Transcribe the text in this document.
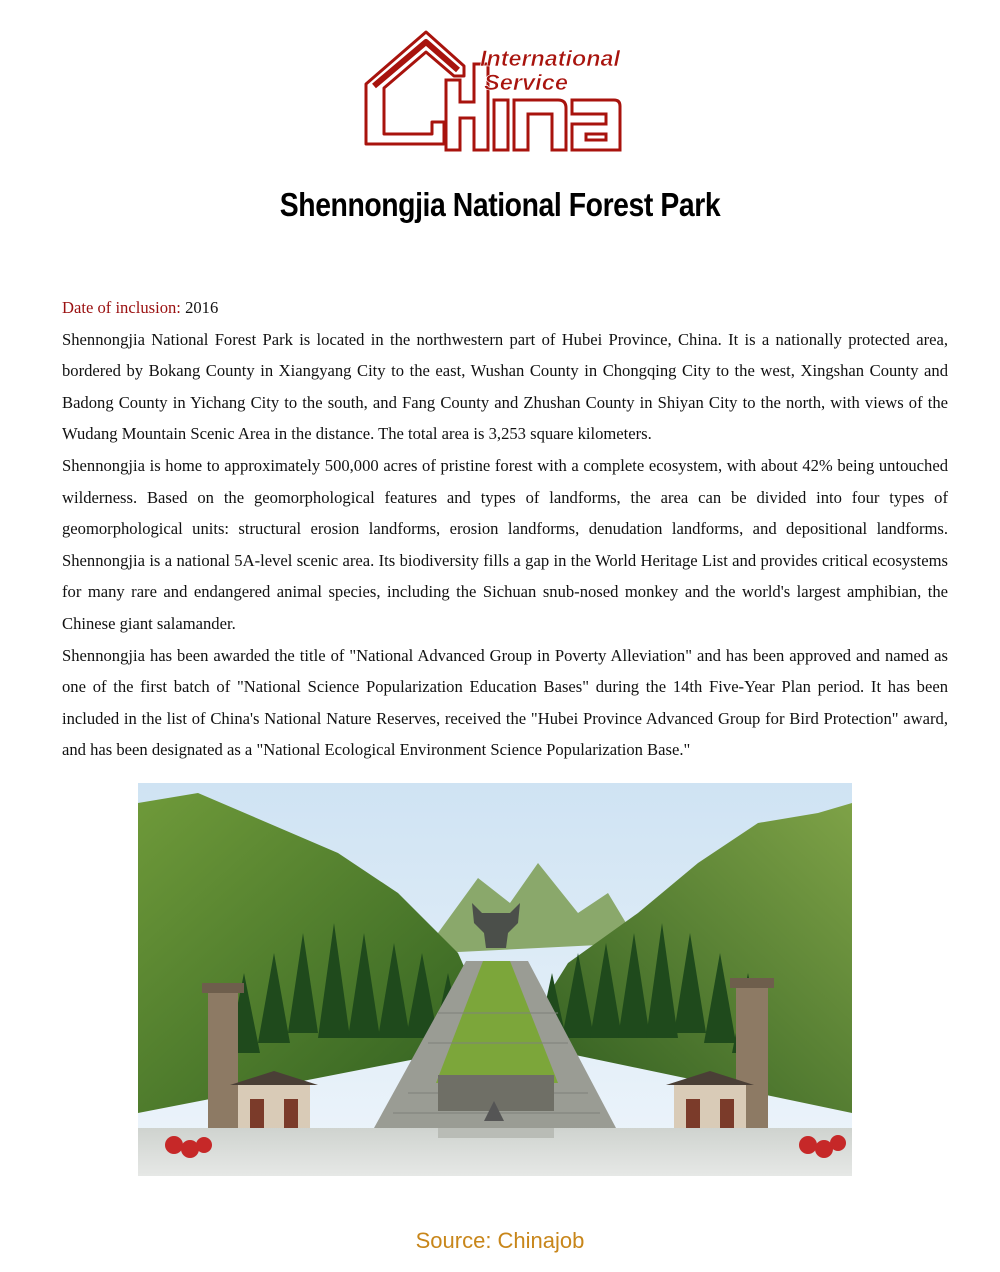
International
Service
Shennongjia National Forest Park

Date of inclusion: 2016

Shennongjia National Forest Park is located in the northwestern part of Hubei Province, China. It is a nationally protected area, bordered by Bokang County in Xiangyang City to the east, Wushan County in Chongqing City to the west, Xingshan County and Badong County in Yichang City to the south, and Fang County and Zhushan County in Shiyan City to the north, with views of the Wudang Mountain Scenic Area in the distance. The total area is 3,253 square kilometers.

Shennongjia is home to approximately 500,000 acres of pristine forest with a complete ecosystem, with about 42% being untouched wilderness. Based on the geomorphological features and types of landforms, the area can be divided into four types of geomorphological units: structural erosion landforms, erosion landforms, denudation landforms, and depositional landforms. Shennongjia is a national 5A-level scenic area. Its biodiversity fills a gap in the World Heritage List and provides critical ecosystems for many rare and endangered animal species, including the Sichuan snub-nosed monkey and the world's largest amphibian, the Chinese giant salamander.

Shennongjia has been awarded the title of "National Advanced Group in Poverty Alleviation" and has been approved and named as one of the first batch of "National Science Popularization Education Bases" during the 14th Five-Year Plan period. It has been included in the list of China's National Nature Reserves, received the "Hubei Province Advanced Group for Bird Protection" award, and has been designated as a "National Ecological Environment Science Popularization Base."

Source: Chinajob
